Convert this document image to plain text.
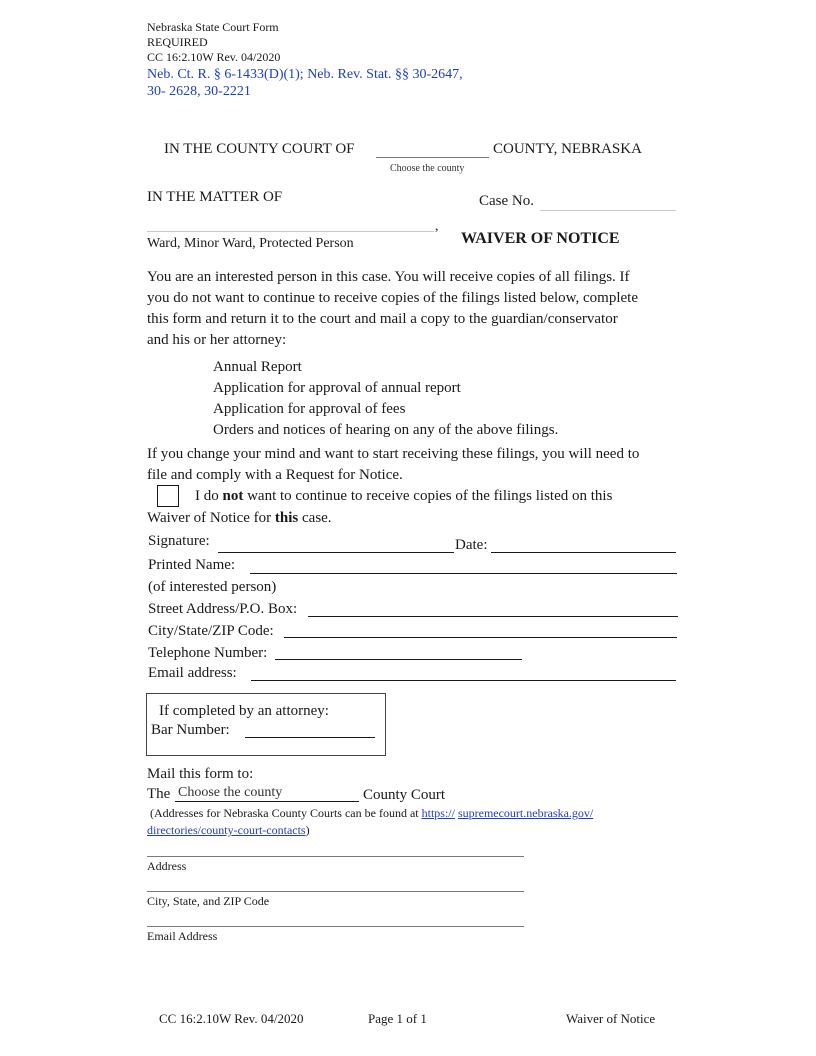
Nebraska State Court Form
REQUIRED
CC 16:2.10W Rev. 04/2020
Neb. Ct. R. § 6-1433(D)(1); Neb. Rev. Stat. §§ 30-2647,
30- 2628, 30-2221
IN THE COUNTY COURT OF	COUNTY, NEBRASKA
Choose the county
IN THE MATTER OF	Case No.
,
Ward, Minor Ward, Protected Person	WAIVER OF NOTICE
You are an interested person in this case. You will receive copies of all filings. If
you do not want to continue to receive copies of the filings listed below, complete
this form and return it to the court and mail a copy to the guardian/conservator
and his or her attorney:
Annual Report
Application for approval of annual report
Application for approval of fees
Orders and notices of hearing on any of the above filings.
If you change your mind and want to start receiving these filings, you will need to
file and comply with a Request for Notice.
I do not want to continue to receive copies of the filings listed on this
Waiver of Notice for this case.
Signature:	Date:
Printed Name:
(of interested person)
Street Address/P.O. Box:
City/State/ZIP Code:
Telephone Number:
Email address:
If completed by an attorney:
Bar Number:
Mail this form to:
The Choose the county	County Court
(Addresses for Nebraska County Courts can be found at https:// supremecourt.nebraska.gov/
directories/county-court-contacts)
Address
City, State, and ZIP Code
Email Address
CC 16:2.10W Rev. 04/2020	Page 1 of 1	Waiver of Notice
